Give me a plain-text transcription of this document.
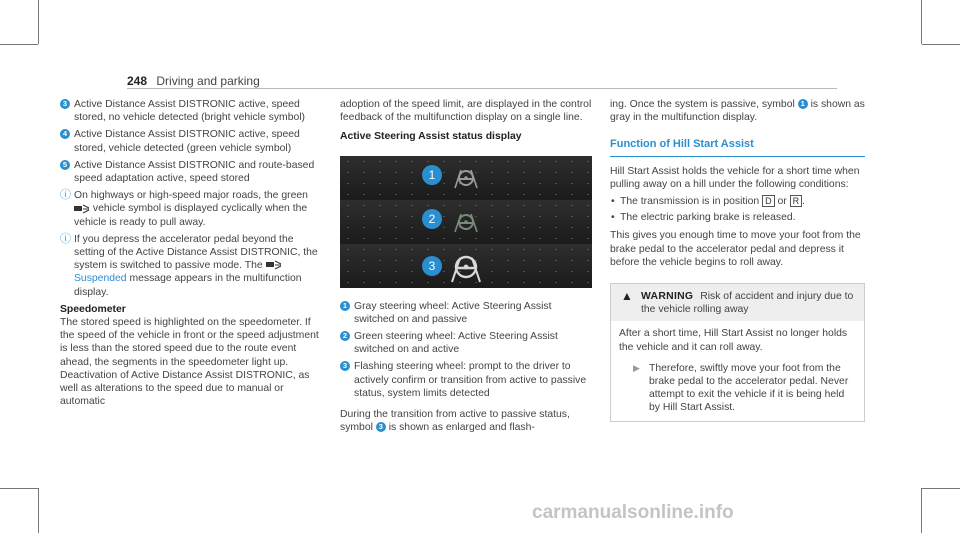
248 Driving and parking
3 Active Distance Assist DISTRONIC active, speed stored, no vehicle detected (bright vehicle symbol)
4 Active Distance Assist DISTRONIC active, speed stored, vehicle detected (green vehicle symbol)
5 Active Distance Assist DISTRONIC and route-based speed adaptation active, speed stored
ⓘ On highways or high-speed major roads, the green  vehicle symbol is displayed cyclically when the vehicle is ready to pull away.
ⓘ If you depress the accelerator pedal beyond the setting of the Active Distance Assist DISTRONIC, the system is switched to passive mode. The  Suspended message appears in the multifunction display.
Speedometer

The stored speed is highlighted on the speedometer. If the speed of the vehicle in front or the speed adjustment is less than the stored speed due to the route event ahead, the segments in the speedometer light up. Deactivation of Active Distance Assist DISTRONIC, as well as alterations to the speed due to manual or automatic

adoption of the speed limit, are displayed in the control feedback of the multifunction display on a single line.

Active Steering Assist status display
1
2
3
1 Gray steering wheel: Active Steering Assist switched on and passive
2 Green steering wheel: Active Steering Assist switched on and active
3 Flashing steering wheel: prompt to the driver to actively confirm or transition from active to passive status, system limits detected

During the transition from active to passive status, symbol 3 is shown as enlarged and flash-

ing. Once the system is passive, symbol 1 is shown as gray in the multifunction display.

Function of Hill Start Assist

Hill Start Assist holds the vehicle for a short time when pulling away on a hill under the following conditions:

• The transmission is in position D or R .
• The electric parking brake is released.

This gives you enough time to move your foot from the brake pedal to the accelerator pedal and depress it before the vehicle begins to roll away.

▲ WARNING Risk of accident and injury due to the vehicle rolling away
After a short time, Hill Start Assist no longer holds the vehicle and it can roll away.
▶ Therefore, swiftly move your foot from the brake pedal to the accelerator pedal. Never attempt to exit the vehicle if it is being held by Hill Start Assist.
carmanualsonline.info
